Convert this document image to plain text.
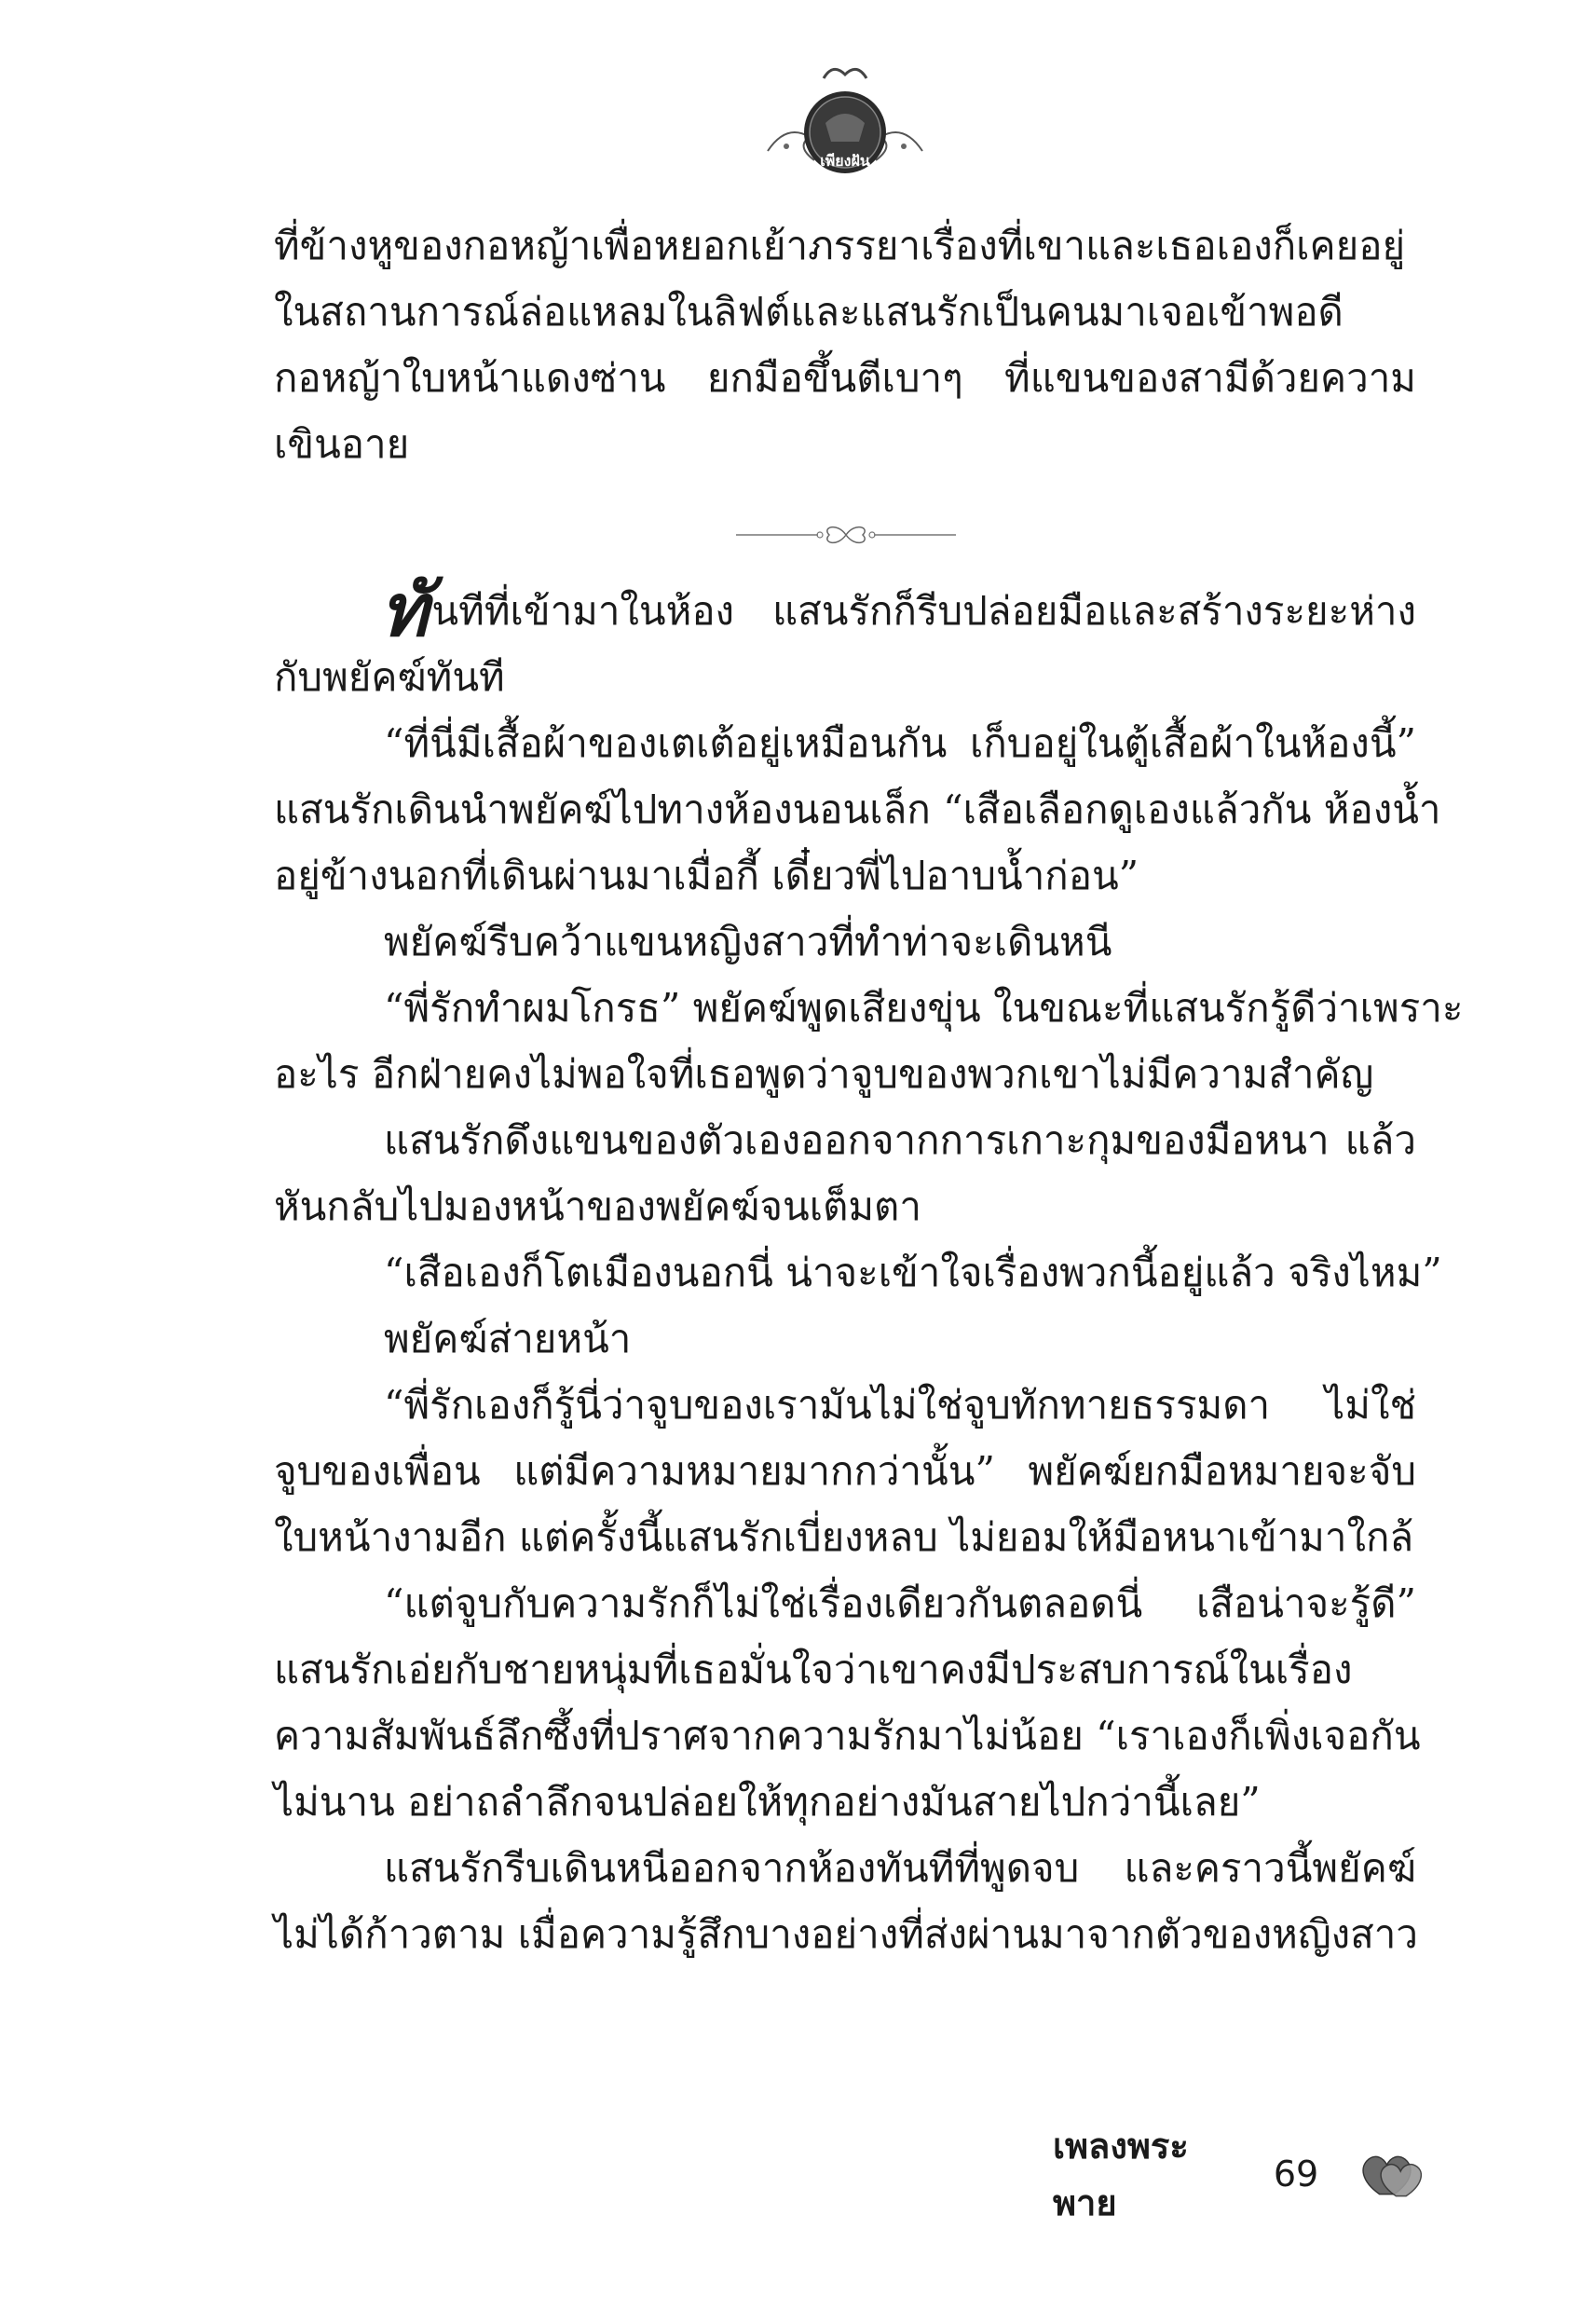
เพียงฝัน

ที่ข้างหูของกอหญ้าเพื่อหยอกเย้าภรรยาเรื่องที่เขาและเธอเองก็เคยอยู่

ในสถานการณ์ล่อแหลมในลิฟต์และแสนรักเป็นคนมาเจอเข้าพอดี

กอหญ้าใบหน้าแดงซ่าน ยกมือขึ้นตีเบาๆ ที่แขนของสามีด้วยความ

เขินอาย

ทั นทีที่เข้ามาในห้อง แสนรักก็รีบปล่อยมือและสร้างระยะห่าง

กับพยัคฆ์ทันที

“ที่นี่มีเสื้อผ้าของเตเต้อยู่เหมือนกัน เก็บอยู่ในตู้เสื้อผ้าในห้องนี้”

แสนรักเดินนำพยัคฆ์ไปทางห้องนอนเล็ก “เสือเลือกดูเองแล้วกัน ห้องน้ำ

อยู่ข้างนอกที่เดินผ่านมาเมื่อกี้ เดี๋ยวพี่ไปอาบน้ำก่อน”

พยัคฆ์รีบคว้าแขนหญิงสาวที่ทำท่าจะเดินหนี

“พี่รักทำผมโกรธ” พยัคฆ์พูดเสียงขุ่น ในขณะที่แสนรักรู้ดีว่าเพราะ

อะไร อีกฝ่ายคงไม่พอใจที่เธอพูดว่าจูบของพวกเขาไม่มีความสำคัญ

แสนรักดึงแขนของตัวเองออกจากการเกาะกุมของมือหนา แล้ว

หันกลับไปมองหน้าของพยัคฆ์จนเต็มตา

“เสือเองก็โตเมืองนอกนี่ น่าจะเข้าใจเรื่องพวกนี้อยู่แล้ว จริงไหม”

พยัคฆ์ส่ายหน้า

“พี่รักเองก็รู้นี่ว่าจูบของเรามันไม่ใช่จูบทักทายธรรมดา ไม่ใช่

จูบของเพื่อน แต่มีความหมายมากกว่านั้น” พยัคฆ์ยกมือหมายจะจับ

ใบหน้างามอีก แต่ครั้งนี้แสนรักเบี่ยงหลบ ไม่ยอมให้มือหนาเข้ามาใกล้

“แต่จูบกับความรักก็ไม่ใช่เรื่องเดียวกันตลอดนี่ เสือน่าจะรู้ดี”

แสนรักเอ่ยกับชายหนุ่มที่เธอมั่นใจว่าเขาคงมีประสบการณ์ในเรื่อง

ความสัมพันธ์ลึกซึ้งที่ปราศจากความรักมาไม่น้อย “เราเองก็เพิ่งเจอกัน

ไม่นาน อย่าถลำลึกจนปล่อยให้ทุกอย่างมันสายไปกว่านี้เลย”

แสนรักรีบเดินหนีออกจากห้องทันทีที่พูดจบ และคราวนี้พยัคฆ์

ไม่ได้ก้าวตาม เมื่อความรู้สึกบางอย่างที่ส่งผ่านมาจากตัวของหญิงสาว

เพลงพระพาย
69
